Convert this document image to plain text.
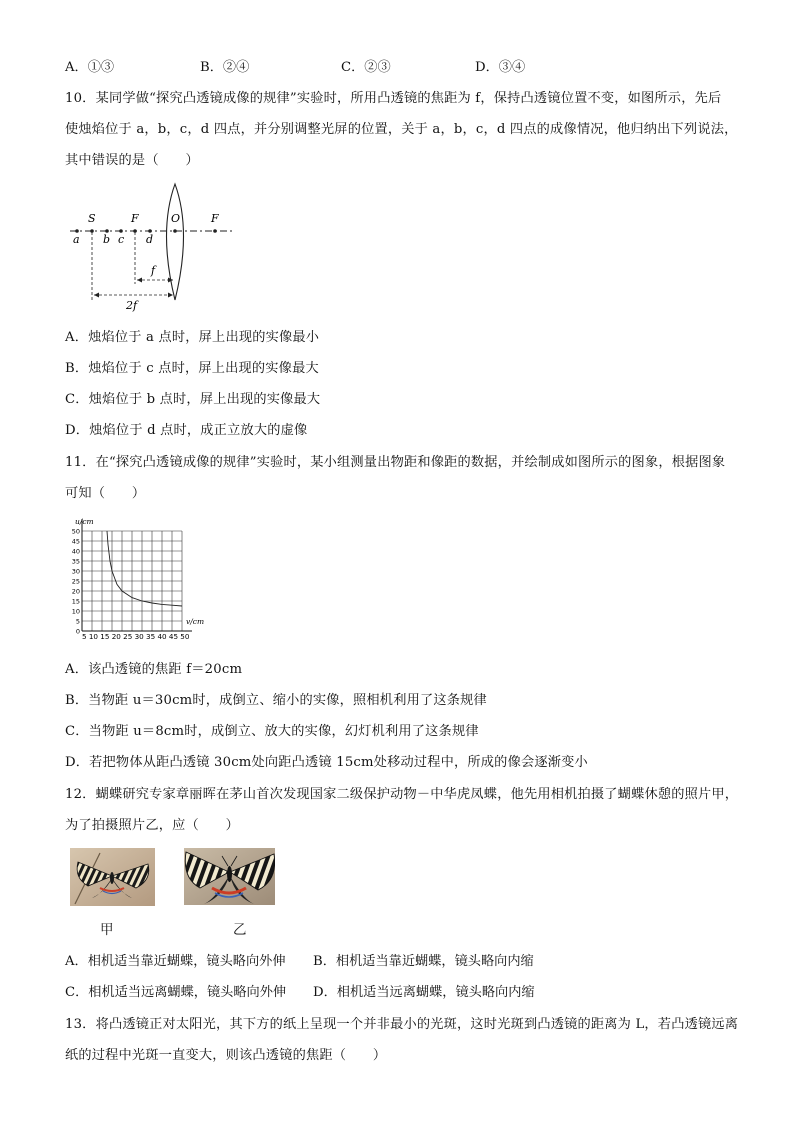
A．①③	B．②④	C．②③	D．③④
10．某同学做“探究凸透镜成像的规律”实验时，所用凸透镜的焦距为 f，保持凸透镜位置不变，如图所示，先后
使烛焰位于 a，b，c，d 四点，并分别调整光屏的位置，关于 a，b，c，d 四点的成像情况，他归纳出下列说法，
其中错误的是（　　）
S	F	O	F
a b c d
f
2f
A．烛焰位于 a 点时，屏上出现的实像最小
B．烛焰位于 c 点时，屏上出现的实像最大
C．烛焰位于 b 点时，屏上出现的实像最大
D．烛焰位于 d 点时，成正立放大的虚像
11．在“探究凸透镜成像的规律”实验时，某小组测量出物距和像距的数据，并绘制成如图所示的图象，根据图象
可知（　　）
50
45
40
35
30
25
20
15
10
5
0
u/cm
v/cm
5 10 15 20 25 30 35 40 45 50
A．该凸透镜的焦距 f＝20cm
B．当物距 u＝30cm时，成倒立、缩小的实像，照相机利用了这条规律
C．当物距 u＝8cm时，成倒立、放大的实像，幻灯机利用了这条规律
D．若把物体从距凸透镜 30cm处向距凸透镜 15cm处移动过程中，所成的像会逐渐变小
12．蝴蝶研究专家章丽晖在茅山首次发现国家二级保护动物－中华虎凤蝶，他先用相机拍摄了蝴蝶休憩的照片甲，
为了拍摄照片乙，应（　　）
甲	乙
A．相机适当靠近蝴蝶，镜头略向外伸 B．相机适当靠近蝴蝶，镜头略向内缩
C．相机适当远离蝴蝶，镜头略向外伸 D．相机适当远离蝴蝶，镜头略向内缩
13．将凸透镜正对太阳光，其下方的纸上呈现一个并非最小的光斑，这时光斑到凸透镜的距离为 L，若凸透镜远离
纸的过程中光斑一直变大，则该凸透镜的焦距（　　）
